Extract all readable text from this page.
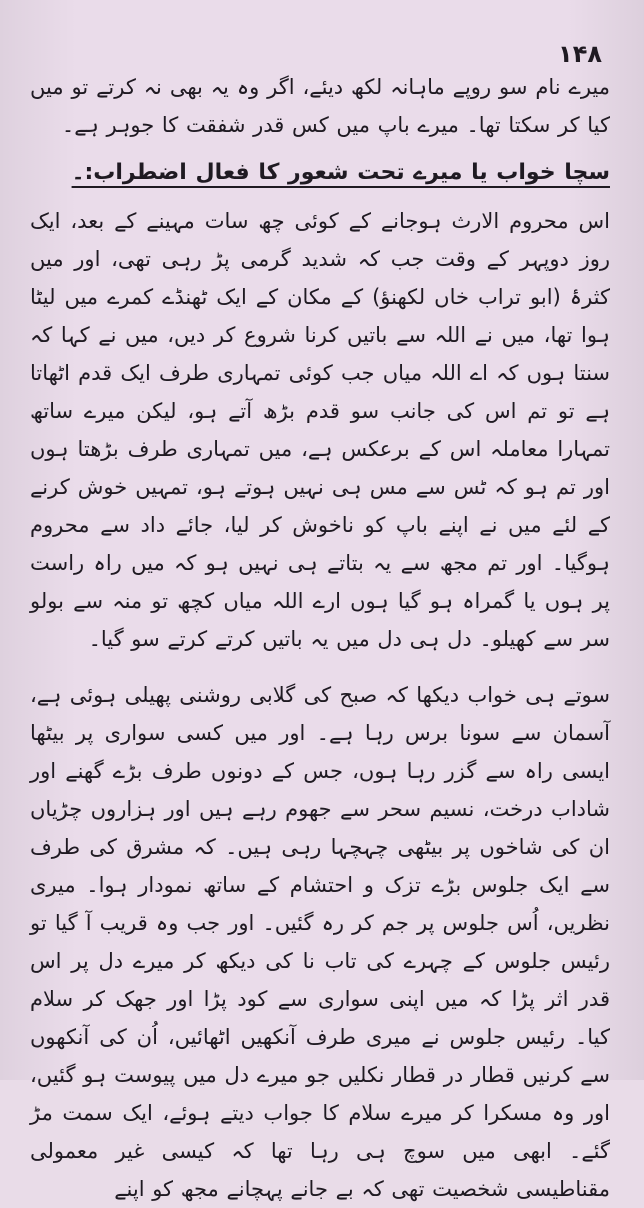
۱۴۸

میرے نام سو روپے ماہانہ لکھ دیئے، اگر وہ یہ بھی نہ کرتے تو میں کیا کر سکتا تھا۔ میرے باپ میں کس قدر شفقت کا جوہر ہے۔

سچا خواب یا میرے تحت شعور کا فعال اضطراب:۔

اس محروم الارث ہوجانے کے کوئی چھ سات مہینے کے بعد، ایک روز دوپہر کے وقت جب کہ شدید گرمی پڑ رہی تھی، اور میں کثرۂ (ابو تراب خاں لکھنؤ) کے مکان کے ایک ٹھنڈے کمرے میں لیٹا ہوا تھا، میں نے اللہ سے باتیں کرنا شروع کر دیں، میں نے کہا کہ سنتا ہوں کہ اے اللہ میاں جب کوئی تمہاری طرف ایک قدم اٹھاتا ہے تو تم اس کی جانب سو قدم بڑھ آتے ہو، لیکن میرے ساتھ تمہارا معاملہ اس کے برعکس ہے، میں تمہاری طرف بڑھتا ہوں اور تم ہو کہ ٹس سے مس ہی نہیں ہوتے ہو، تمہیں خوش کرنے کے لئے میں نے اپنے باپ کو ناخوش کر لیا، جائے داد سے محروم ہوگیا۔ اور تم مجھ سے یہ بتاتے ہی نہیں ہو کہ میں راہ راست پر ہوں یا گمراہ ہو گیا ہوں ارے اللہ میاں کچھ تو منہ سے بولو سر سے کھیلو۔ دل ہی دل میں یہ باتیں کرتے کرتے سو گیا۔

سوتے ہی خواب دیکھا کہ صبح کی گلابی روشنی پھیلی ہوئی ہے، آسمان سے سونا برس رہا ہے۔ اور میں کسی سواری پر بیٹھا ایسی راہ سے گزر رہا ہوں، جس کے دونوں طرف بڑے گھنے اور شاداب درخت، نسیم سحر سے جھوم رہے ہیں اور ہزاروں چڑیاں ان کی شاخوں پر بیٹھی چہچہا رہی ہیں۔ کہ مشرق کی طرف سے ایک جلوس بڑے تزک و احتشام کے ساتھ نمودار ہوا۔ میری نظریں، اُس جلوس پر جم کر رہ گئیں۔ اور جب وہ قریب آ گیا تو رئیس جلوس کے چہرے کی تاب نا کی دیکھ کر میرے دل پر اس قدر اثر پڑا کہ میں اپنی سواری سے کود پڑا اور جھک کر سلام کیا۔ رئیس جلوس نے میری طرف آنکھیں اٹھائیں، اُن کی آنکھوں سے کرنیں قطار در قطار نکلیں جو میرے دل میں پیوست ہو گئیں، اور وہ مسکرا کر میرے سلام کا جواب دیتے ہوئے، ایک سمت مڑ گئے۔ ابھی میں سوچ ہی رہا تھا کہ کیسی غیر معمولی مقناطیسی شخصیت تھی کہ بے جانے پہچانے مجھ کو اپنے
